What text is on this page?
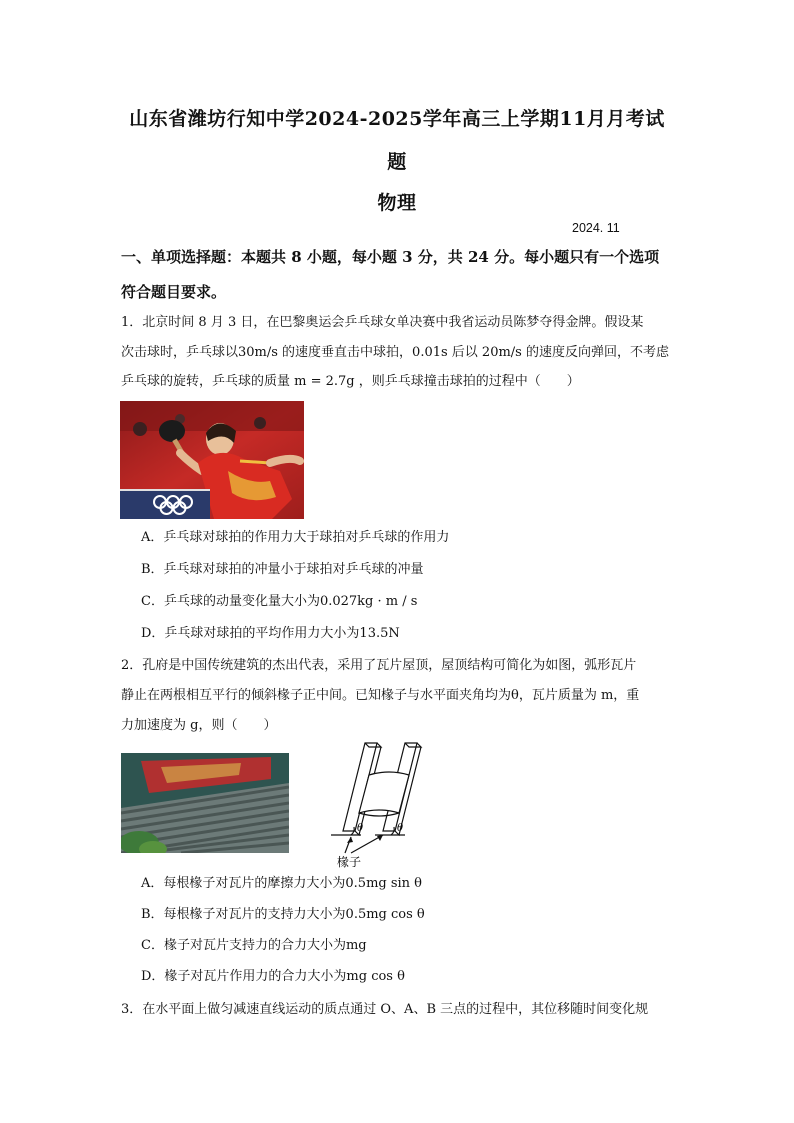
山东省潍坊行知中学2024-2025学年高三上学期11月月考试
题
物理
2024. 11
一、单项选择题：本题共 8 小题，每小题 3 分，共 24 分。每小题只有一个选项
符合题目要求。
1．北京时间 8 月 3 日，在巴黎奥运会乒乓球女单决赛中我省运动员陈梦夺得金牌。假设某
次击球时，乒乓球以30m/s 的速度垂直击中球拍，0.01s 后以 20m/s 的速度反向弹回，不考虑
乒乓球的旋转，乒乓球的质量 m = 2.7g ，则乒乓球撞击球拍的过程中（　　）
A．乒乓球对球拍的作用力大于球拍对乒乓球的作用力
B．乒乓球对球拍的冲量小于球拍对乒乓球的冲量
C．乒乓球的动量变化量大小为0.027kg · m / s
D．乒乓球对球拍的平均作用力大小为13.5N
2．孔府是中国传统建筑的杰出代表，采用了瓦片屋顶，屋顶结构可简化为如图，弧形瓦片
静止在两根相互平行的倾斜椽子正中间。已知椽子与水平面夹角均为θ，瓦片质量为 m，重
力加速度为 g，则（　　）
θ	θ
椽子
A．每根椽子对瓦片的摩擦力大小为0.5mg sin θ
B．每根椽子对瓦片的支持力大小为0.5mg cos θ
C．椽子对瓦片支持力的合力大小为mg
D．椽子对瓦片作用力的合力大小为mg cos θ
3．在水平面上做匀减速直线运动的质点通过 O、A、B 三点的过程中，其位移随时间变化规
